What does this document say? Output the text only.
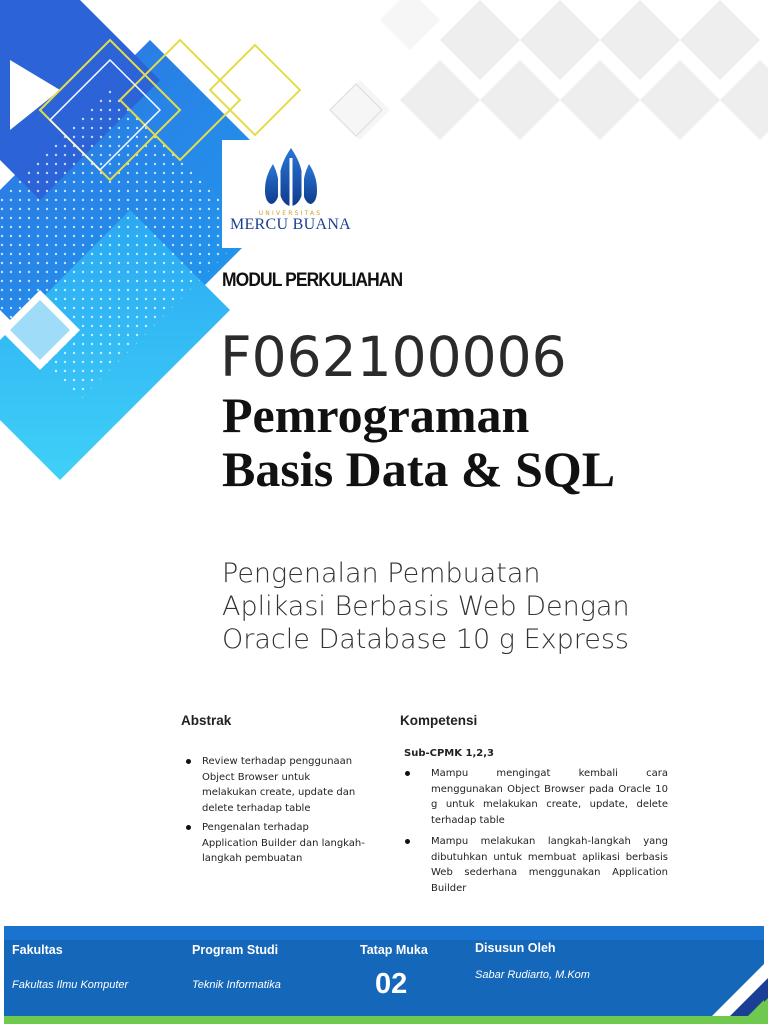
UNIVERSITAS
MERCU BUANA
MODUL PERKULIAHAN
F062100006
Pemrograman
Basis Data & SQL
Pengenalan Pembuatan
Aplikasi Berbasis Web Dengan
Oracle Database 10 g Express
Abstrak
Review terhadap penggunaan Object Browser untuk melakukan create, update dan delete terhadap table
Pengenalan terhadap Application Builder dan langkah-langkah pembuatan
Kompetensi
Sub-CPMK 1,2,3
Mampu mengingat kembali cara menggunakan Object Browser pada Oracle 10 g untuk melakukan create, update, delete terhadap table
Mampu melakukan langkah-langkah yang dibutuhkan untuk membuat aplikasi berbasis Web sederhana menggunakan Application Builder
Fakultas
Fakultas Ilmu Komputer
Program Studi
Teknik Informatika
Tatap Muka
02
Disusun Oleh
Sabar Rudiarto, M.Kom
